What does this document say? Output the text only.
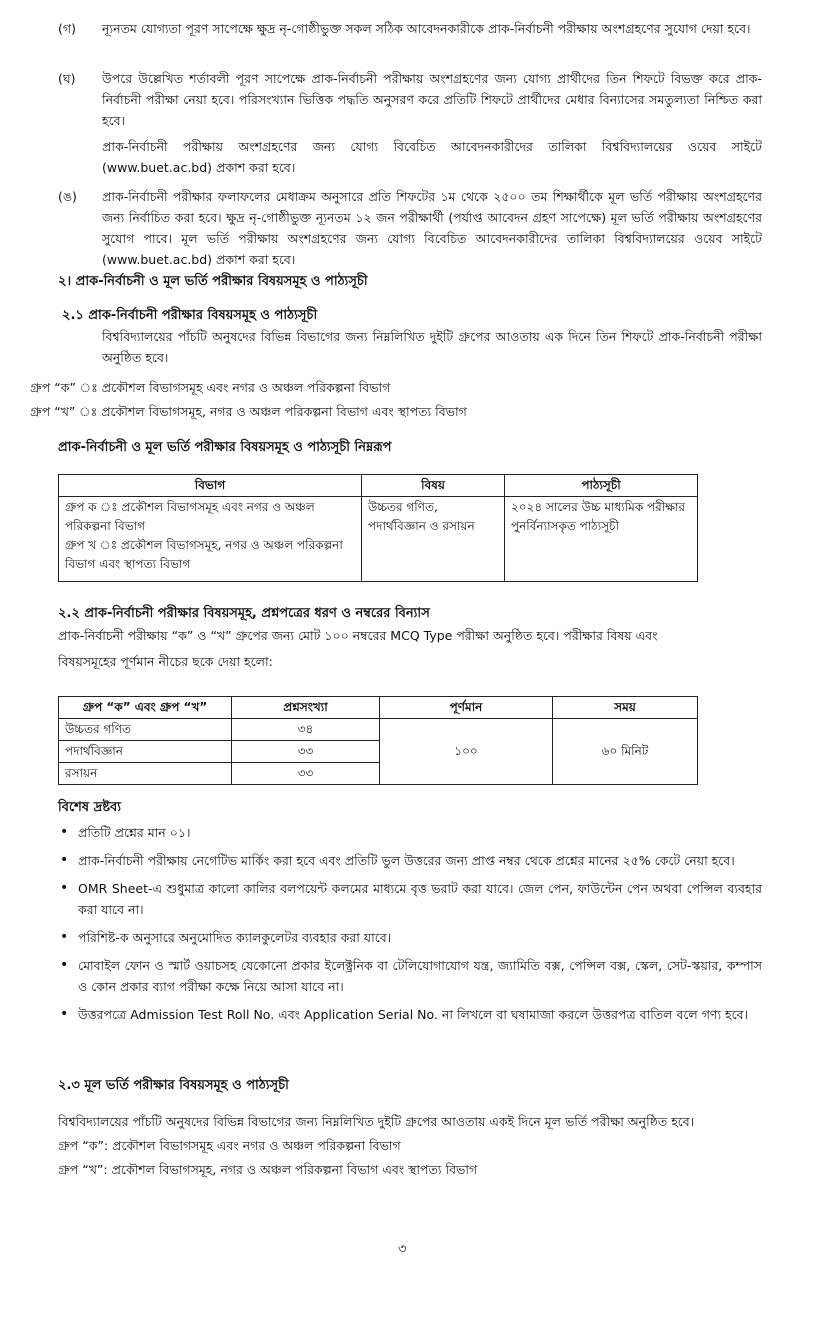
(গ) ন্যূনতম যোগ্যতা পূরণ সাপেক্ষে ক্ষুদ্র নৃ-গোষ্ঠীভুক্ত সকল সঠিক আবেদনকারীকে প্রাক-নির্বাচনী পরীক্ষায় অংশগ্রহণের সুযোগ দেয়া হবে।
(ঘ) উপরে উল্লেখিত শর্তাবলী পূরণ সাপেক্ষে প্রাক-নির্বাচনী পরীক্ষায় অংশগ্রহণের জন্য যোগ্য প্রার্থীদের তিন শিফটে বিভক্ত করে প্রাক-নির্বাচনী পরীক্ষা নেয়া হবে। পরিসংখ্যান ভিত্তিক পদ্ধতি অনুসরণ করে প্রতিটি শিফটে প্রার্থীদের মেধার বিন্যাসের সমতুল্যতা নিশ্চিত করা হবে।
প্রাক-নির্বাচনী পরীক্ষায় অংশগ্রহণের জন্য যোগ্য বিবেচিত আবেদনকারীদের তালিকা বিশ্ববিদ্যালয়ের ওয়েব সাইটে (www.buet.ac.bd) প্রকাশ করা হবে।
(ঙ) প্রাক-নির্বাচনী পরীক্ষার ফলাফলের মেধাক্রম অনুসারে প্রতি শিফটের ১ম থেকে ২৫০০ তম শিক্ষার্থীকে মূল ভর্তি পরীক্ষায় অংশগ্রহণের জন্য নির্বাচিত করা হবে। ক্ষুদ্র নৃ-গোষ্ঠীভুক্ত ন্যূনতম ১২ জন পরীক্ষার্থী (পর্যাপ্ত আবেদন গ্রহণ সাপেক্ষে) মূল ভর্তি পরীক্ষায় অংশগ্রহণের সুযোগ পাবে। মূল ভর্তি পরীক্ষায় অংশগ্রহণের জন্য যোগ্য বিবেচিত আবেদনকারীদের তালিকা বিশ্ববিদ্যালয়ের ওয়েব সাইটে (www.buet.ac.bd) প্রকাশ করা হবে।
২। প্রাক-নির্বাচনী ও মূল ভর্তি পরীক্ষার বিষয়সমূহ ও পাঠ্যসূচী
২.১ প্রাক-নির্বাচনী পরীক্ষার বিষয়সমূহ ও পাঠ্যসূচী
বিশ্ববিদ্যালয়ের পাঁচটি অনুষদের বিভিন্ন বিভাগের জন্য নিম্নলিখিত দুইটি গ্রুপের আওতায় এক দিনে তিন শিফটে প্রাক-নির্বাচনী পরীক্ষা অনুষ্ঠিত হবে।
গ্রুপ “ক” ঃ প্রকৌশল বিভাগসমূহ এবং নগর ও অঞ্চল পরিকল্পনা বিভাগ
গ্রুপ “খ” ঃ প্রকৌশল বিভাগসমূহ, নগর ও অঞ্চল পরিকল্পনা বিভাগ এবং স্থাপত্য বিভাগ
প্রাক-নির্বাচনী ও মূল ভর্তি পরীক্ষার বিষয়সমূহ ও পাঠ্যসূচী নিম্নরূপ
বিভাগ	বিষয়	পাঠ্যসূচী

গ্রুপ ক ঃ প্রকৌশল বিভাগসমূহ এবং নগর ও অঞ্চল পরিকল্পনা বিভাগ
গ্রুপ খ ঃ প্রকৌশল বিভাগসমূহ, নগর ও অঞ্চল পরিকল্পনা বিভাগ এবং স্থাপত্য বিভাগ	উচ্চতর গণিত, পদার্থবিজ্ঞান ও রসায়ন	২০২৪ সালের উচ্চ মাধ্যমিক পরীক্ষার পুনর্বিন্যাসকৃত পাঠ্যসূচী
২.২ প্রাক-নির্বাচনী পরীক্ষার বিষয়সমূহ, প্রশ্নপত্রের ধরণ ও নম্বরের বিন্যাস
প্রাক-নির্বাচনী পরীক্ষায় “ক” ও “খ” গ্রুপের জন্য মোট ১০০ নম্বরের MCQ Type পরীক্ষা অনুষ্ঠিত হবে। পরীক্ষার বিষয় এবং
বিষয়সমূহের পূর্ণমান নীচের ছকে দেয়া হলো:
গ্রুপ “ক” এবং গ্রুপ “খ”	প্রশ্নসংখ্যা	পূর্ণমান	সময়
উচ্চতর গণিত	৩৪	১০০	৬০ মিনিট
পদার্থবিজ্ঞান	৩৩		
রসায়ন	৩৩		
বিশেষ দ্রষ্টব্য
• প্রতিটি প্রশ্নের মান ০১।
• প্রাক-নির্বাচনী পরীক্ষায় নেগেটিভ মার্কিং করা হবে এবং প্রতিটি ভুল উত্তরের জন্য প্রাপ্ত নম্বর থেকে প্রশ্নের মানের ২৫% কেটে নেয়া হবে।
• OMR Sheet-এ শুধুমাত্র কালো কালির বলপয়েন্ট কলমের মাধ্যমে বৃত্ত ভরাট করা যাবে। জেল পেন, ফাউন্টেন পেন অথবা পেন্সিল ব্যবহার করা যাবে না।
• পরিশিষ্ট-ক অনুসারে অনুমোদিত ক্যালকুলেটর ব্যবহার করা যাবে।
• মোবাইল ফোন ও স্মার্ট ওয়াচসহ যেকোনো প্রকার ইলেক্ট্রনিক বা টেলিযোগাযোগ যন্ত্র, জ্যামিতি বক্স, পেন্সিল বক্স, স্কেল, সেট-স্কয়ার, কম্পাস ও কোন প্রকার ব্যাগ পরীক্ষা কক্ষে নিয়ে আসা যাবে না।
• উত্তরপত্রে Admission Test Roll No. এবং Application Serial No. না লিখলে বা ঘষামাজা করলে উত্তরপত্র বাতিল বলে গণ্য হবে।
২.৩ মূল ভর্তি পরীক্ষার বিষয়সমূহ ও পাঠ্যসূচী
বিশ্ববিদ্যালয়ের পাঁচটি অনুষদের বিভিন্ন বিভাগের জন্য নিম্নলিখিত দুইটি গ্রুপের আওতায় একই দিনে মূল ভর্তি পরীক্ষা অনুষ্ঠিত হবে।
গ্রুপ “ক”: প্রকৌশল বিভাগসমূহ এবং নগর ও অঞ্চল পরিকল্পনা বিভাগ
গ্রুপ “খ”: প্রকৌশল বিভাগসমূহ, নগর ও অঞ্চল পরিকল্পনা বিভাগ এবং স্থাপত্য বিভাগ
৩
